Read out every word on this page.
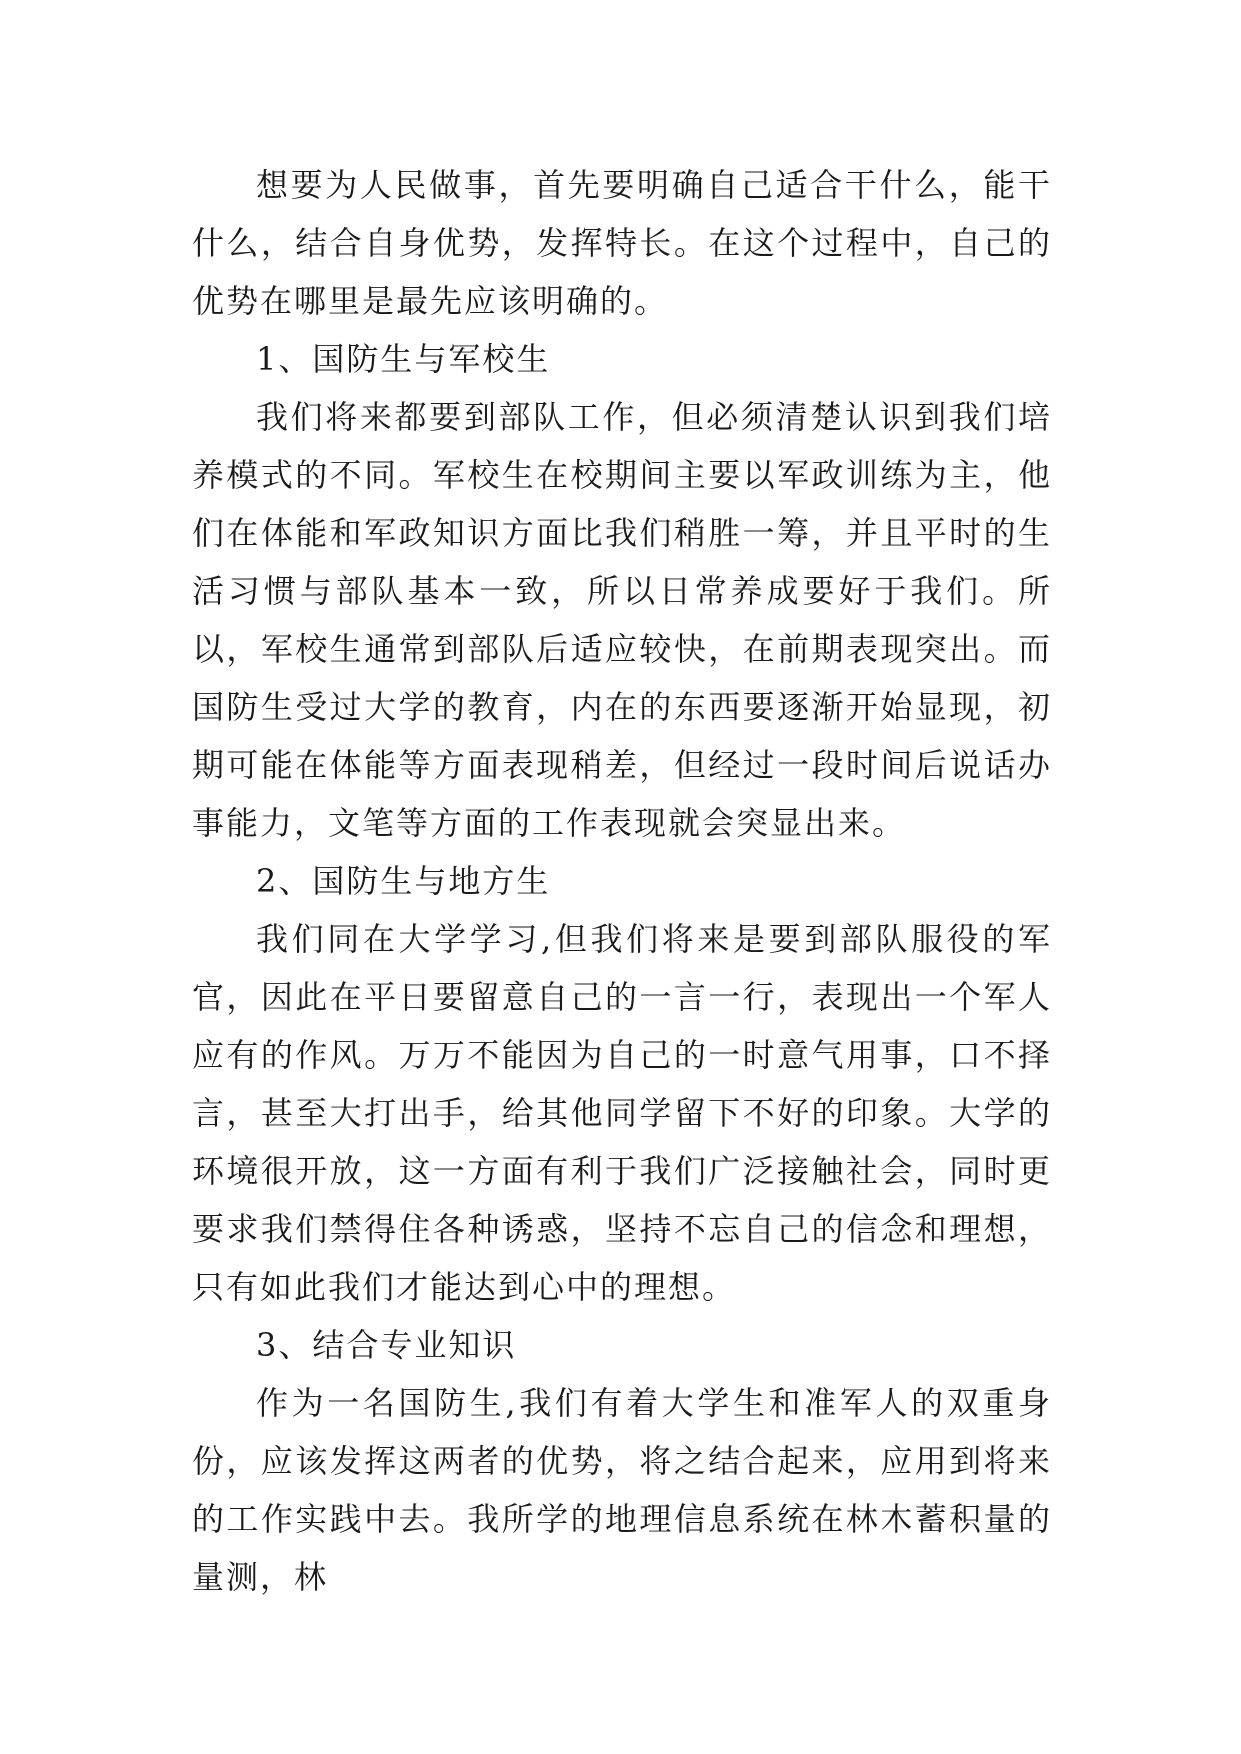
想要为人民做事，首先要明确自己适合干什么，能干什么，结合自身优势，发挥特长。在这个过程中，自己的优势在哪里是最先应该明确的。

1、国防生与军校生

我们将来都要到部队工作，但必须清楚认识到我们培养模式的不同。军校生在校期间主要以军政训练为主，他们在体能和军政知识方面比我们稍胜一筹，并且平时的生活习惯与部队基本一致，所以日常养成要好于我们。所以，军校生通常到部队后适应较快，在前期表现突出。而国防生受过大学的教育，内在的东西要逐渐开始显现，初期可能在体能等方面表现稍差，但经过一段时间后说话办事能力，文笔等方面的工作表现就会突显出来。

2、国防生与地方生

我们同在大学学习,但我们将来是要到部队服役的军官，因此在平日要留意自己的一言一行，表现出一个军人应有的作风。万万不能因为自己的一时意气用事，口不择言，甚至大打出手，给其他同学留下不好的印象。大学的环境很开放，这一方面有利于我们广泛接触社会，同时更要求我们禁得住各种诱惑，坚持不忘自己的信念和理想，只有如此我们才能达到心中的理想。

3、结合专业知识

作为一名国防生,我们有着大学生和准军人的双重身份，应该发挥这两者的优势，将之结合起来，应用到将来的工作实践中去。我所学的地理信息系统在林木蓄积量的量测，林
